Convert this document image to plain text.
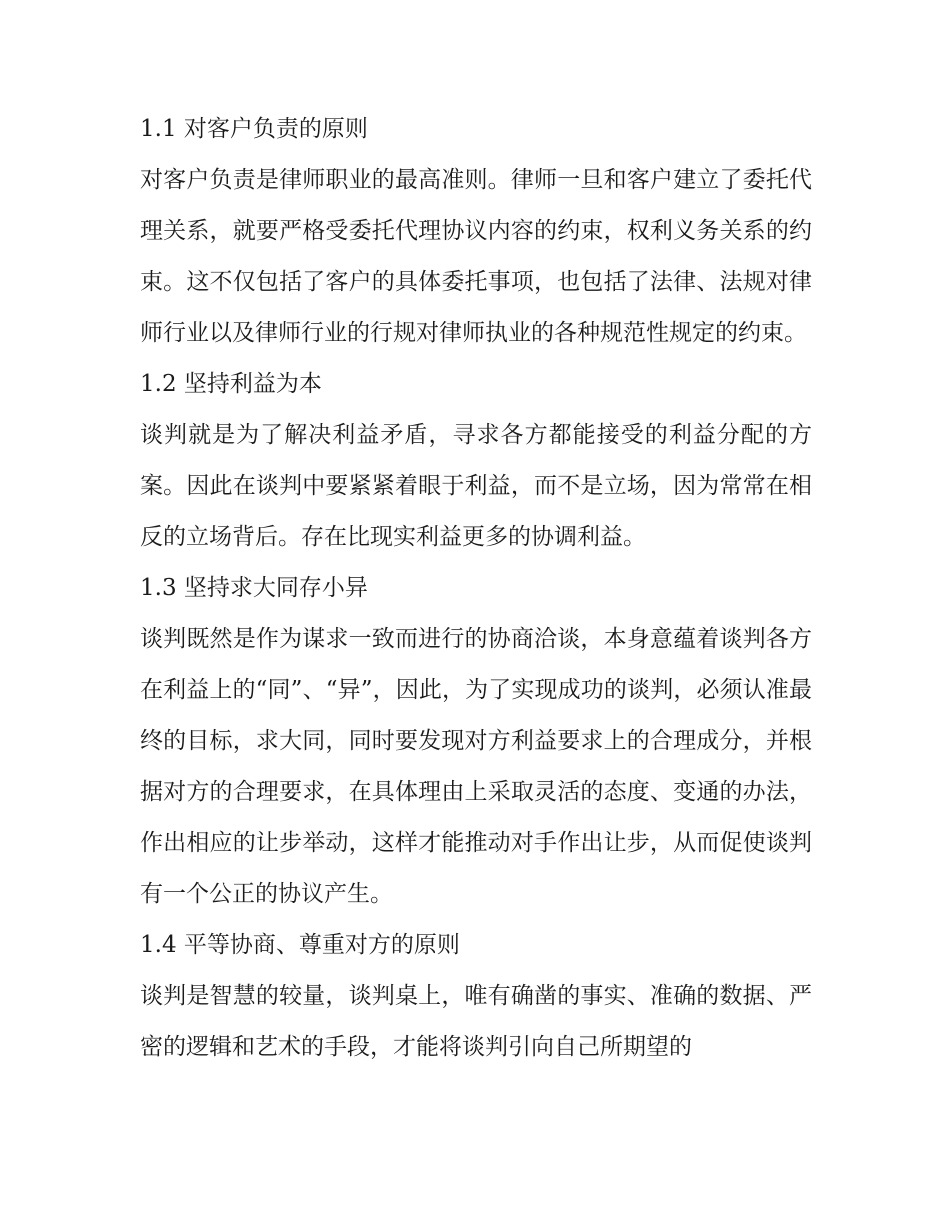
1.1 对客户负责的原则

对客户负责是律师职业的最高准则。律师一旦和客户建立了委托代理关系，就要严格受委托代理协议内容的约束，权利义务关系的约束。这不仅包括了客户的具体委托事项，也包括了法律、法规对律师行业以及律师行业的行规对律师执业的各种规范性规定的约束。

1.2 坚持利益为本

谈判就是为了解决利益矛盾，寻求各方都能接受的利益分配的方案。因此在谈判中要紧紧着眼于利益，而不是立场，因为常常在相反的立场背后。存在比现实利益更多的协调利益。

1.3 坚持求大同存小异

谈判既然是作为谋求一致而进行的协商洽谈，本身意蕴着谈判各方在利益上的“同”、“异”，因此，为了实现成功的谈判，必须认准最终的目标，求大同，同时要发现对方利益要求上的合理成分，并根据对方的合理要求，在具体理由上采取灵活的态度、变通的办法，作出相应的让步举动，这样才能推动对手作出让步，从而促使谈判有一个公正的协议产生。

1.4 平等协商、尊重对方的原则

谈判是智慧的较量，谈判桌上，唯有确凿的事实、准确的数据、严密的逻辑和艺术的手段，才能将谈判引向自己所期望的
